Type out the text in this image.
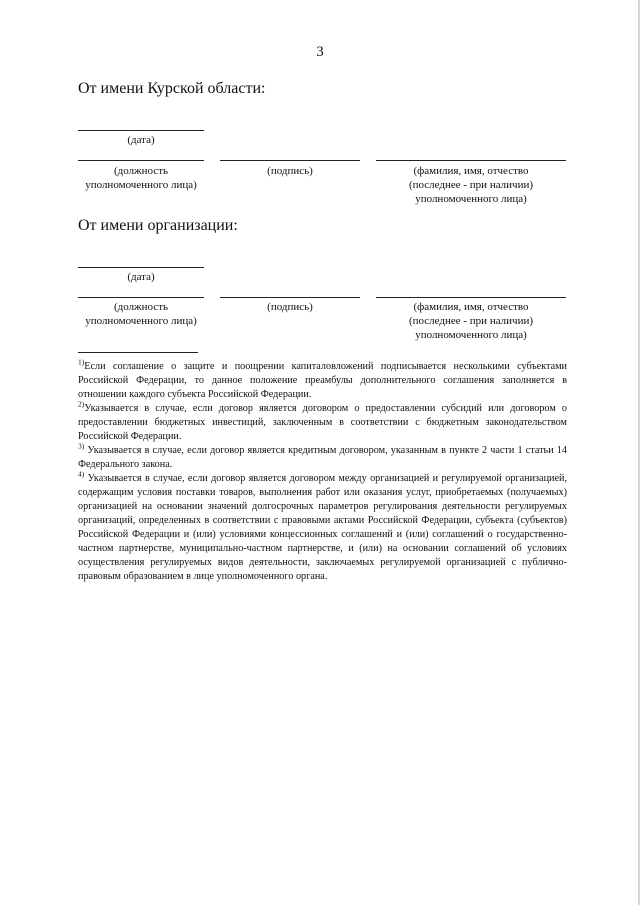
3
От имени Курской области:
(дата)
(должность
уполномоченного лица)
(подпись)	(фамилия, имя, отчество
(последнее - при наличии)
уполномоченного лица)
От имени организации:
(дата)
(должность
уполномоченного лица)
(подпись)	(фамилия, имя, отчество
(последнее - при наличии)
уполномоченного лица)

$^{1)}$Если соглашение о защите и поощрении капиталовложений подписывается несколькими субъектами Российской Федерации, то данное положение преамбулы дополнительного соглашения заполняется в отношении каждого субъекта Российской Федерации.

$^{2)}$Указывается в случае, если договор является договором о предоставлении субсидий или договором о предоставлении бюджетных инвестиций, заключенным в соответствии с бюджетным законодательством Российской Федерации.

$^{3)}$ Указывается в случае, если договор является кредитным договором, указанным в пункте 2 части 1 статьи 14 Федерального закона.

$^{4)}$ Указывается в случае, если договор является договором между организацией и регулируемой организацией, содержащим условия поставки товаров, выполнения работ или оказания услуг, приобретаемых (получаемых) организацией на основании значений долгосрочных параметров регулирования деятельности регулируемых организаций, определенных в соответствии с правовыми актами Российской Федерации, субъекта (субъектов) Российской Федерации и (или) условиями концессионных соглашений и (или) соглашений о государственно-частном партнерстве, муниципально-частном партнерстве, и (или) на основании соглашений об условиях осуществления регулируемых видов деятельности, заключаемых регулируемой организацией с публично-правовым образованием в лице уполномоченного органа.
